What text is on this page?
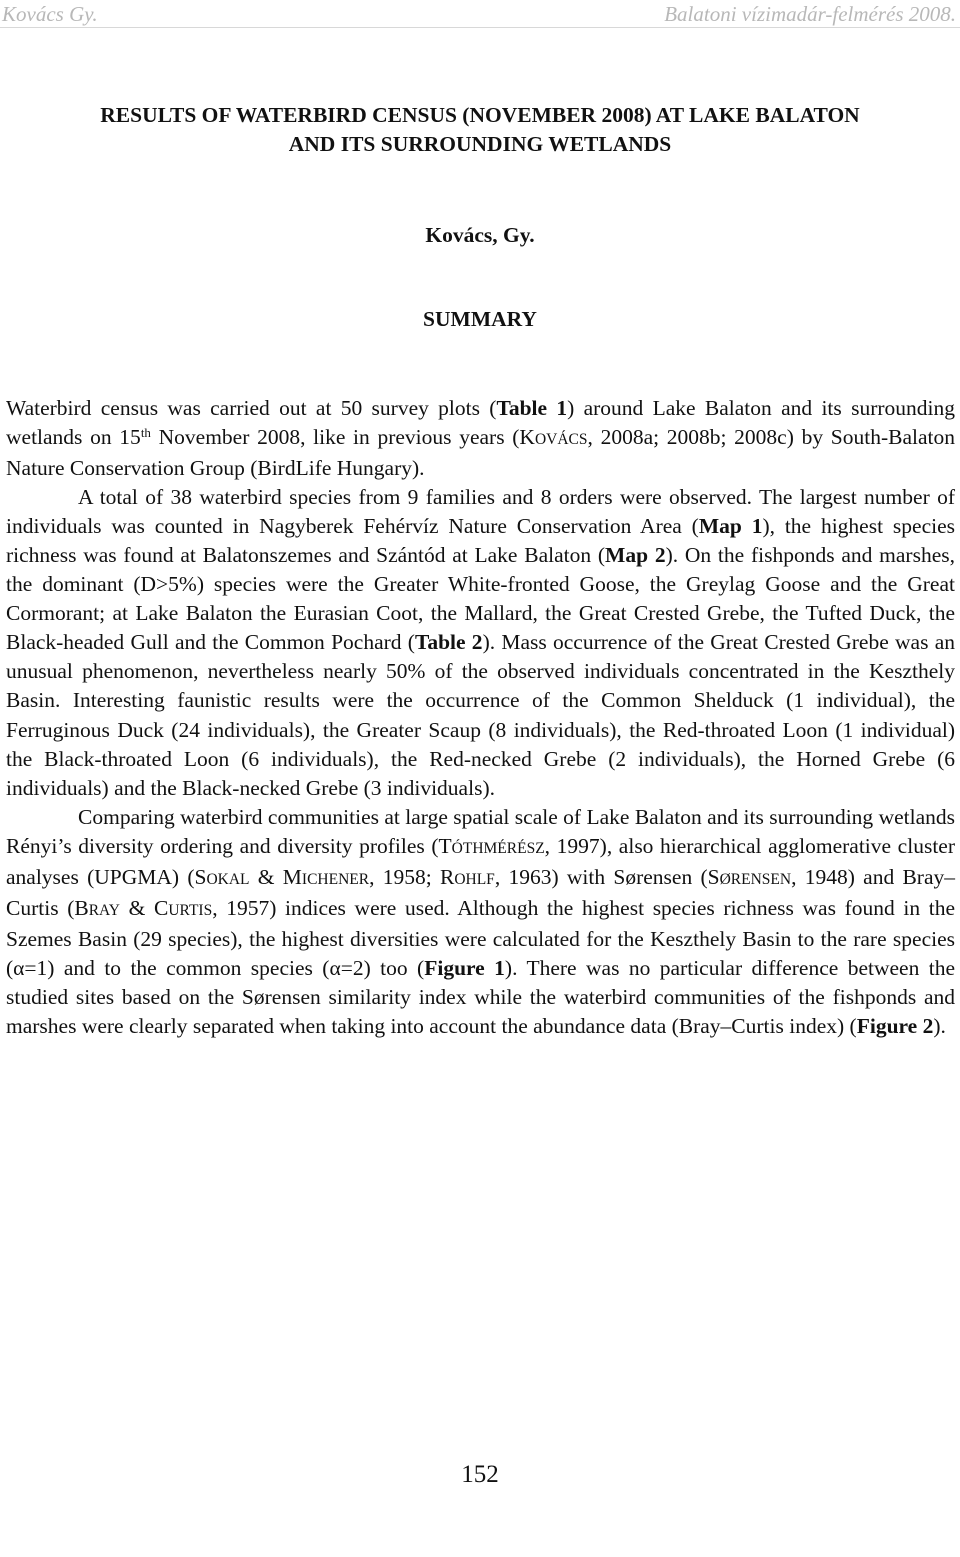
Kovács Gy.	Balatoni vízimadár-felmérés 2008.
RESULTS OF WATERBIRD CENSUS (NOVEMBER 2008) AT LAKE BALATON
AND ITS SURROUNDING WETLANDS
Kovács, Gy.
SUMMARY

Waterbird census was carried out at 50 survey plots (Table 1) around Lake Balaton and its surrounding wetlands on 15th November 2008, like in previous years (KOVÁCS, 2008a; 2008b; 2008c) by South-Balaton Nature Conservation Group (BirdLife Hungary).

A total of 38 waterbird species from 9 families and 8 orders were observed. The largest number of individuals was counted in Nagyberek Fehérvíz Nature Conservation Area (Map 1), the highest species richness was found at Balatonszemes and Szántód at Lake Balaton (Map 2). On the fishponds and marshes, the dominant (D>5%) species were the Greater White-fronted Goose, the Greylag Goose and the Great Cormorant; at Lake Balaton the Eurasian Coot, the Mallard, the Great Crested Grebe, the Tufted Duck, the Black-headed Gull and the Common Pochard (Table 2). Mass occurrence of the Great Crested Grebe was an unusual phenomenon, nevertheless nearly 50% of the observed individuals concentrated in the Keszthely Basin. Interesting faunistic results were the occurrence of the Common Shelduck (1 individual), the Ferruginous Duck (24 individuals), the Greater Scaup (8 individuals), the Red-throated Loon (1 individual) the Black-throated Loon (6 individuals), the Red-necked Grebe (2 individuals), the Horned Grebe (6 individuals) and the Black-necked Grebe (3 individuals).

Comparing waterbird communities at large spatial scale of Lake Balaton and its surrounding wetlands Rényi’s diversity ordering and diversity profiles (TÓTHMÉRÉSZ, 1997), also hierarchical agglomerative cluster analyses (UPGMA) (SOKAL & MICHENER, 1958; ROHLF, 1963) with Sørensen (SØRENSEN, 1948) and Bray–Curtis (BRAY & CURTIS, 1957) indices were used. Although the highest species richness was found in the Szemes Basin (29 species), the highest diversities were calculated for the Keszthely Basin to the rare species (α=1) and to the common species (α=2) too (Figure 1). There was no particular difference between the studied sites based on the Sørensen similarity index while the waterbird communities of the fishponds and marshes were clearly separated when taking into account the abundance data (Bray–Curtis index) (Figure 2).

152
